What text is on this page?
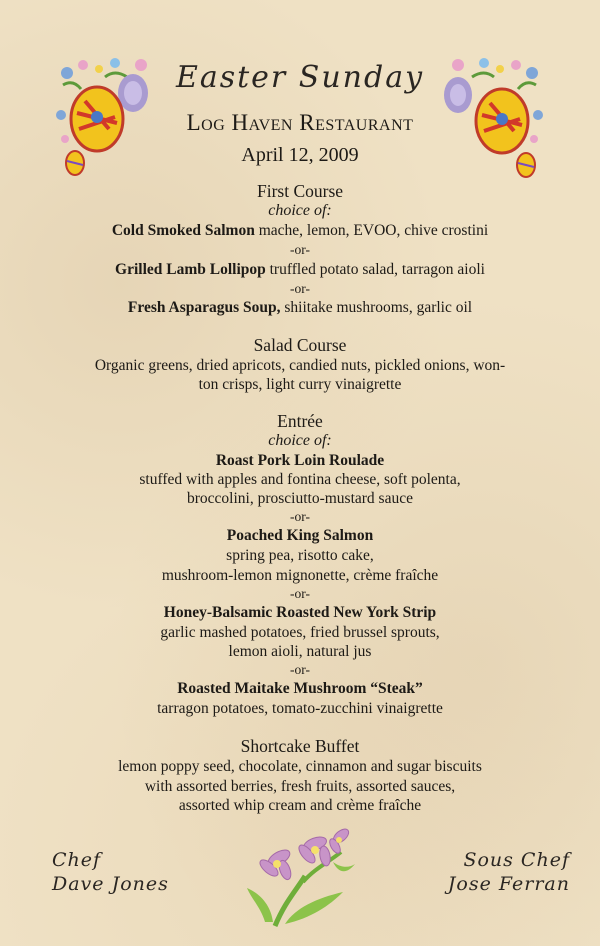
Easter Sunday
Log Haven Restaurant
April 12, 2009
First Course
choice of:
Cold Smoked Salmon mache, lemon, EVOO, chive crostini
-or-
Grilled Lamb Lollipop truffled potato salad, tarragon aioli
-or-
Fresh Asparagus Soup, shiitake mushrooms, garlic oil
Salad Course
Organic greens, dried apricots, candied nuts, pickled onions, won-
ton crisps, light curry vinaigrette
Entrée
choice of:
Roast Pork Loin Roulade
stuffed with apples and fontina cheese, soft polenta,
broccolini, prosciutto-mustard sauce
-or-
Poached King Salmon
spring pea, risotto cake,
mushroom-lemon mignonette, crème fraîche
-or-
Honey-Balsamic Roasted New York Strip
garlic mashed potatoes, fried brussel sprouts,
lemon aioli, natural jus
-or-
Roasted Maitake Mushroom “Steak”
tarragon potatoes, tomato-zucchini vinaigrette
Shortcake Buffet
lemon poppy seed, chocolate, cinnamon and sugar biscuits
with assorted berries, fresh fruits, assorted sauces,
assorted whip cream and crème fraîche
Chef
Dave Jones
Sous Chef
Jose Ferran
